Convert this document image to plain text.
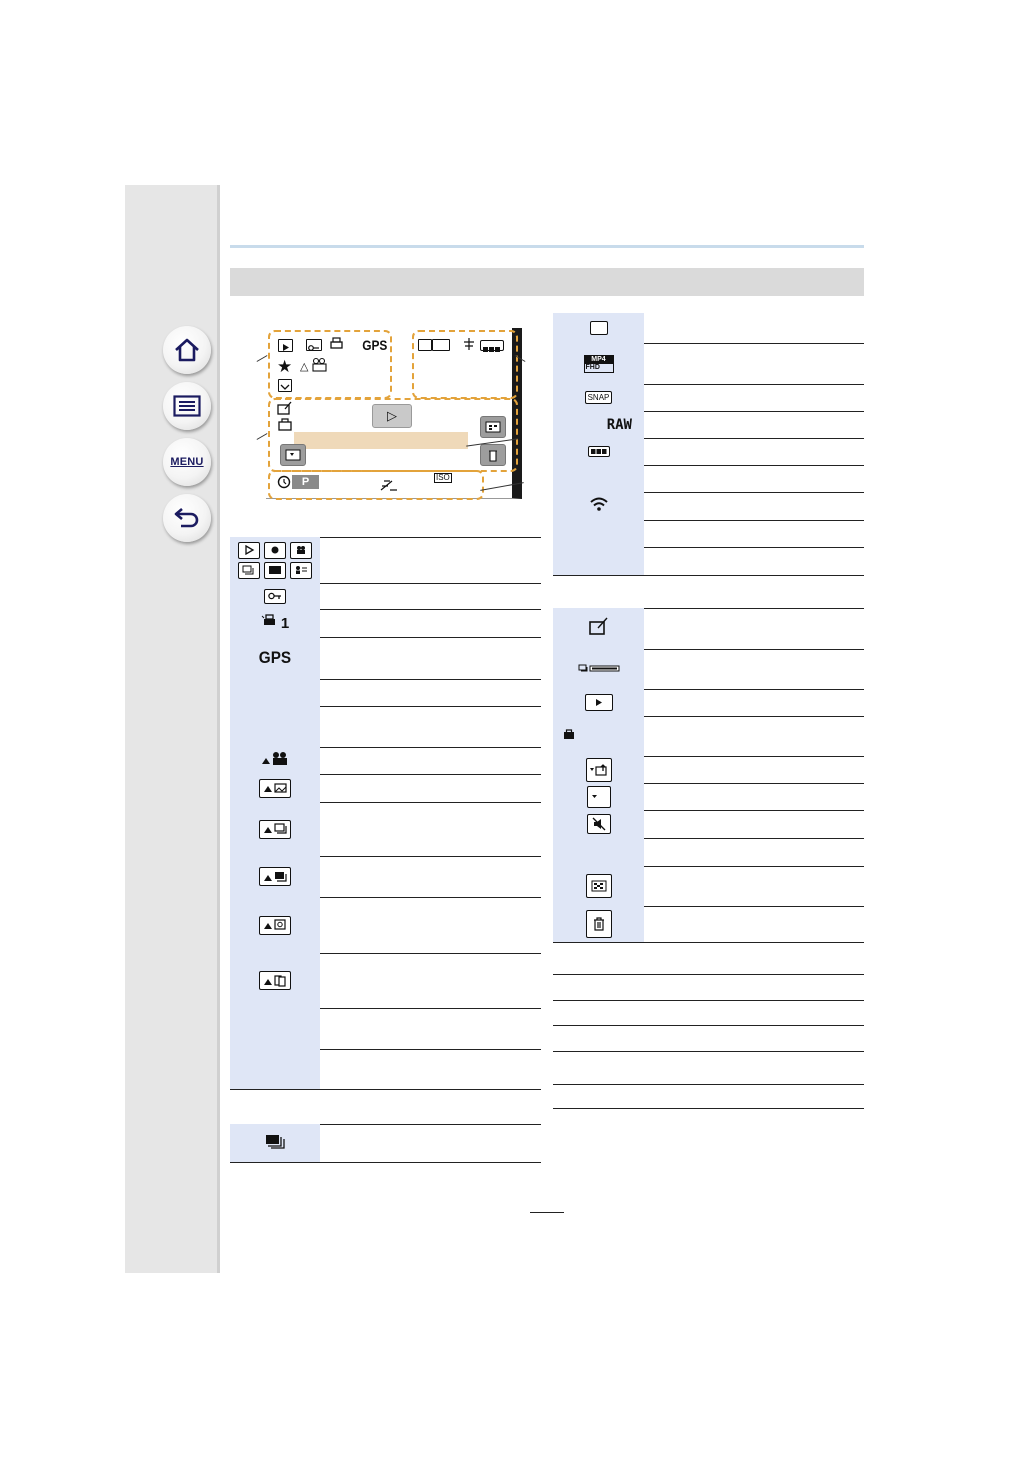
MENU
GPS
★ △
▷
P	ISO
1
GPS
MP4
FHD
SNAP
RAW
